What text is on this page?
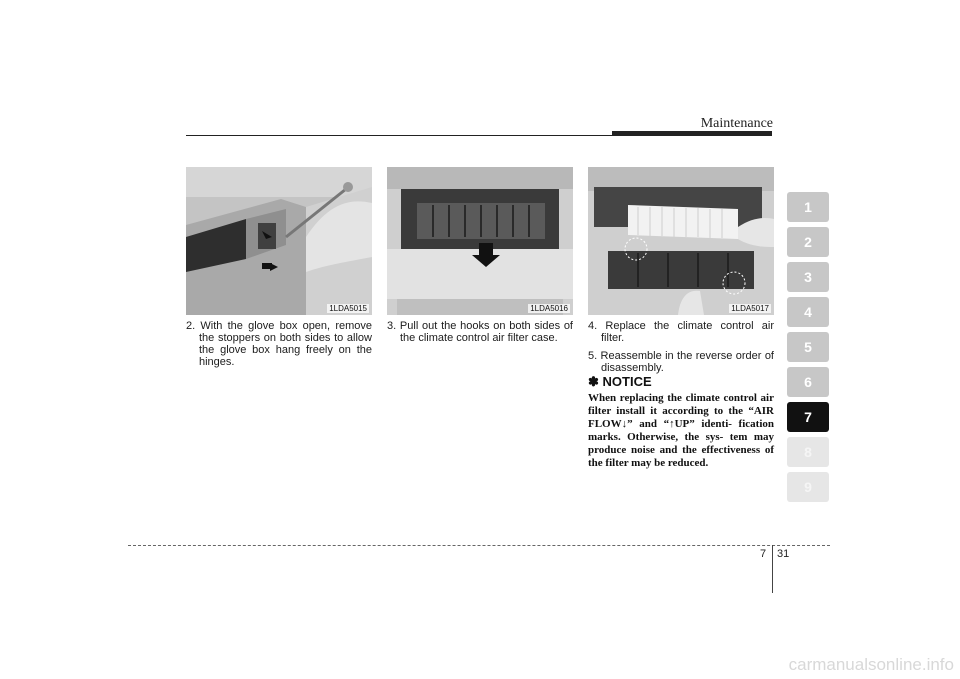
Maintenance
1
2
3
4
5
6
7
8
9
1LDA5015	1LDA5016	1LDA5017

2. With the glove box open, remove the stoppers on both sides to allow the glove box hang freely on the hinges.

3. Pull out the hooks on both sides of the climate control air filter case.

4. Replace the climate control air filter.

5. Reassemble in the reverse order of disassembly.

✽ NOTICE
When replacing the climate control air filter install it according to the “AIR FLOW↓” and “↑UP” identi- fication marks. Otherwise, the sys- tem may produce noise and the effectiveness of the filter may be reduced.
7 31
carmanualsonline.info
